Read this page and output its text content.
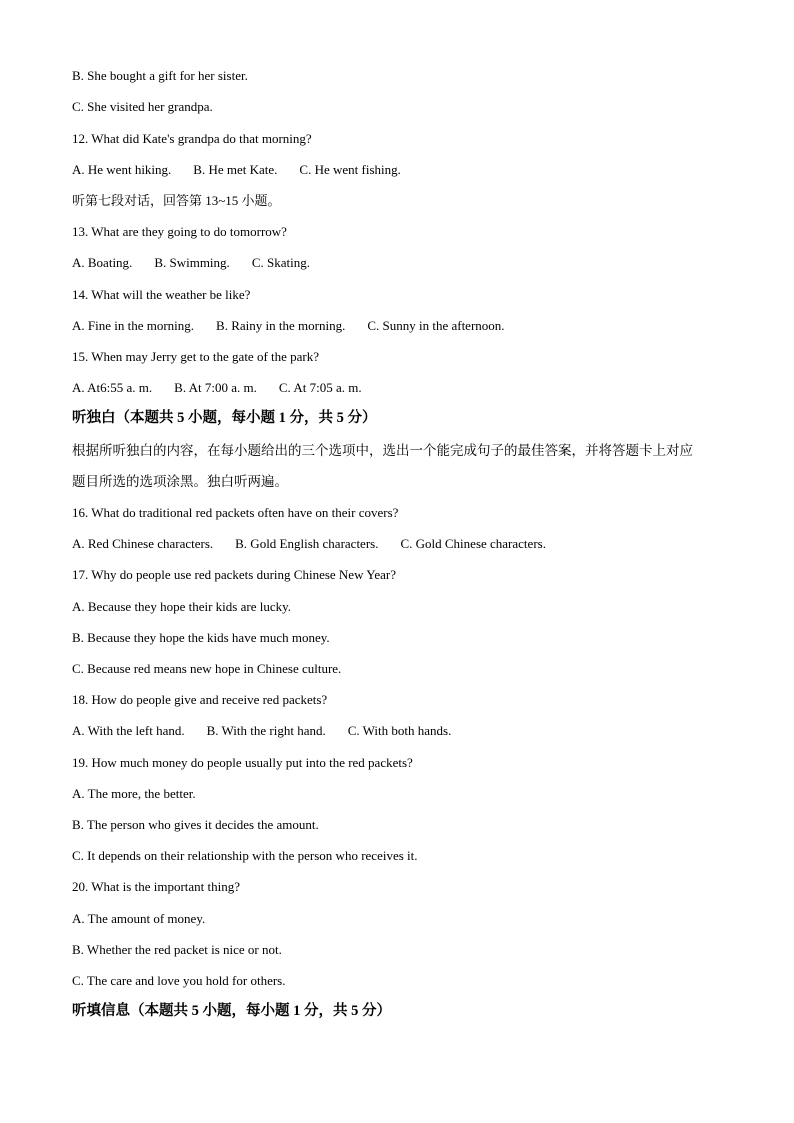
B. She bought a gift for her sister.
C. She visited her grandpa.
12. What did Kate's grandpa do that morning?
A. He went hiking. B. He met Kate. C. He went fishing.
听第七段对话，回答第 13~15 小题。
13. What are they going to do tomorrow?
A. Boating. B. Swimming. C. Skating.
14. What will the weather be like?
A. Fine in the morning. B. Rainy in the morning. C. Sunny in the afternoon.
15. When may Jerry get to the gate of the park?
A. At6:55 a. m. B. At 7:00 a. m. C. At 7:05 a. m.
听独白（本题共 5 小题，每小题 1 分，共 5 分）
根据所听独白的内容，在每小题给出的三个选项中，选出一个能完成句子的最佳答案，并将答题卡上对应
题目所选的选项涂黑。独白听两遍。
16. What do traditional red packets often have on their covers?
A. Red Chinese characters. B. Gold English characters. C. Gold Chinese characters.
17. Why do people use red packets during Chinese New Year?
A. Because they hope their kids are lucky.
B. Because they hope the kids have much money.
C. Because red means new hope in Chinese culture.
18. How do people give and receive red packets?
A. With the left hand. B. With the right hand. C. With both hands.
19. How much money do people usually put into the red packets?
A. The more, the better.
B. The person who gives it decides the amount.
C. It depends on their relationship with the person who receives it.
20. What is the important thing?
A. The amount of money.
B. Whether the red packet is nice or not.
C. The care and love you hold for others.
听填信息（本题共 5 小题，每小题 1 分，共 5 分）
